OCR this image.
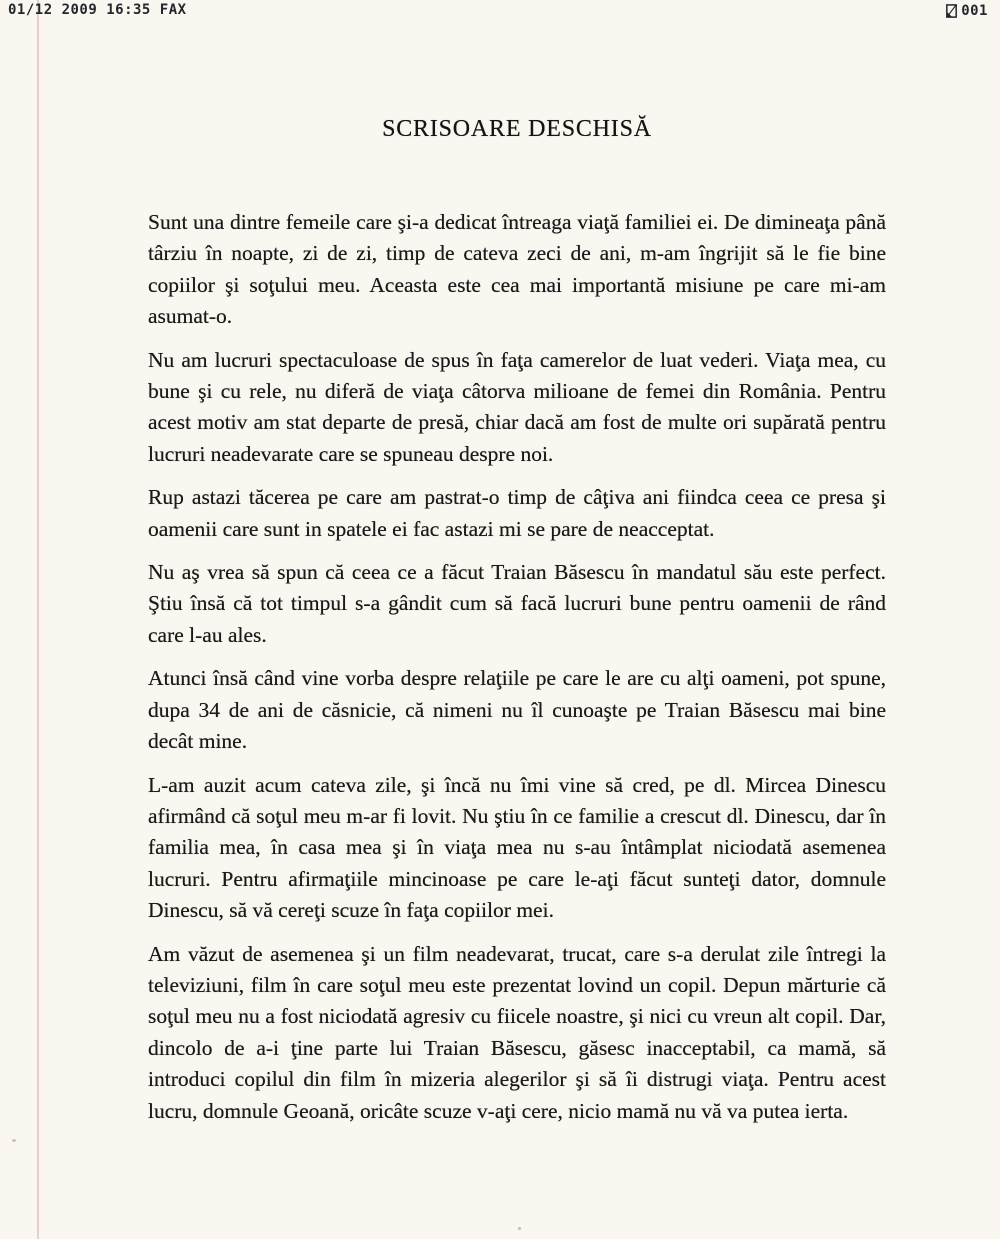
01/12 2009 16:35 FAX	001
SCRISOARE DESCHISĂ

Sunt una dintre femeile care şi-a dedicat întreaga viaţă familiei ei. De dimineaţa până târziu în noapte, zi de zi, timp de cateva zeci de ani, m-am îngrijit să le fie bine copiilor şi soţului meu. Aceasta este cea mai importantă misiune pe care mi-am asumat-o.

Nu am lucruri spectaculoase de spus în faţa camerelor de luat vederi. Viaţa mea, cu bune şi cu rele, nu diferă de viaţa câtorva milioane de femei din România. Pentru acest motiv am stat departe de presă, chiar dacă am fost de multe ori supărată pentru lucruri neadevarate care se spuneau despre noi.

Rup astazi tăcerea pe care am pastrat-o timp de câţiva ani fiindca ceea ce presa şi oamenii care sunt in spatele ei fac astazi mi se pare de neacceptat.

Nu aş vrea să spun că ceea ce a făcut Traian Băsescu în mandatul său este perfect. Ştiu însă că tot timpul s-a gândit cum să facă lucruri bune pentru oamenii de rând care l-au ales.

Atunci însă când vine vorba despre relaţiile pe care le are cu alţi oameni, pot spune, dupa 34 de ani de căsnicie, că nimeni nu îl cunoaşte pe Traian Băsescu mai bine decât mine.

L-am auzit acum cateva zile, şi încă nu îmi vine să cred, pe dl. Mircea Dinescu afirmând că soţul meu m-ar fi lovit. Nu ştiu în ce familie a crescut dl. Dinescu, dar în familia mea, în casa mea şi în viaţa mea nu s-au întâmplat niciodată asemenea lucruri. Pentru afirmaţiile mincinoase pe care le-aţi făcut sunteţi dator, domnule Dinescu, să vă cereţi scuze în faţa copiilor mei.

Am văzut de asemenea şi un film neadevarat, trucat, care s-a derulat zile întregi la televiziuni, film în care soţul meu este prezentat lovind un copil. Depun mărturie că soţul meu nu a fost niciodată agresiv cu fiicele noastre, şi nici cu vreun alt copil. Dar, dincolo de a-i ţine parte lui Traian Băsescu, găsesc inacceptabil, ca mamă, să introduci copilul din film în mizeria alegerilor şi să îi distrugi viaţa. Pentru acest lucru, domnule Geoană, oricâte scuze v-aţi cere, nicio mamă nu vă va putea ierta.
